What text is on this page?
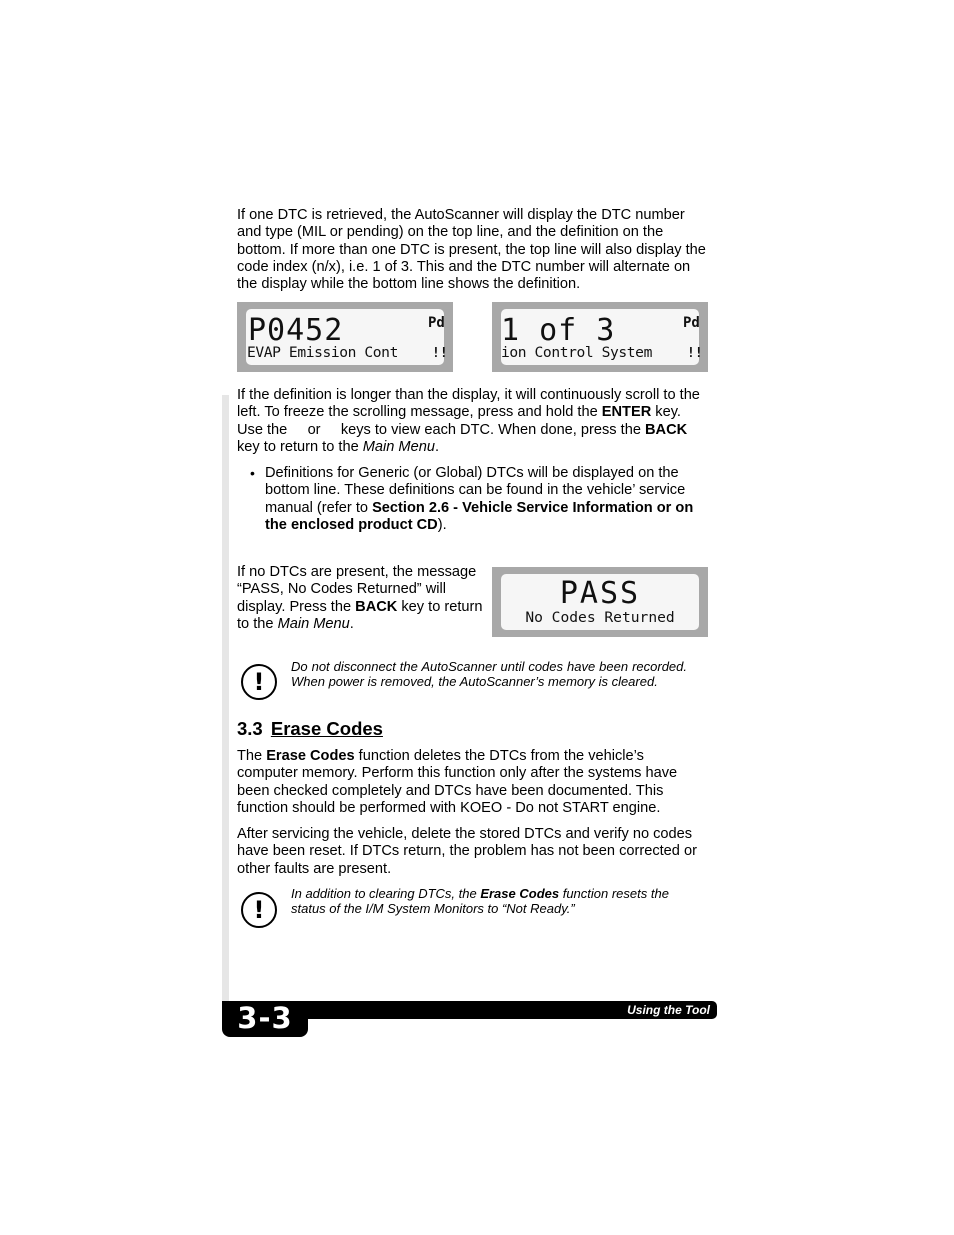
If one DTC is retrieved, the AutoScanner will display the DTC number and type (MIL or pending) on the top line, and the definition on the bottom. If more than one DTC is present, the top line will also display the code index (n/x), i.e. 1 of 3. This and the DTC number will alternate on the display while the bottom line shows the definition.

P0452	Pd
EVAP Emission Cont	!!
1 of 3	Pd
ion Control System	!!

If the definition is longer than the display, it will continuously scroll to the left. To freeze the scrolling message, press and hold the ENTER key. Use the     or     keys to view each DTC. When done, press the BACK key to return to the Main Menu.

• Definitions for Generic (or Global) DTCs will be displayed on the bottom line. These definitions can be found in the vehicle’ service manual (refer to Section 2.6 - Vehicle Service Information or on the enclosed product CD).

If no DTCs are present, the message “PASS, No Codes Returned” will display. Press the BACK key to return to the Main Menu.

PASS
No Codes Returned
!

Do not disconnect the AutoScanner until codes have been recorded. When power is removed, the AutoScanner’s memory is cleared.

3.3 Erase Codes

The Erase Codes function deletes the DTCs from the vehicle’s computer memory. Perform this function only after the systems have been checked completely and DTCs have been documented. This function should be performed with KOEO - Do not START engine.

After servicing the vehicle, delete the stored DTCs and verify no codes have been reset. If DTCs return, the problem has not been corrected or other faults are present.

!

In addition to clearing DTCs, the Erase Codes function resets the status of the I/M System Monitors to “Not Ready.”

Using the Tool
3-3
